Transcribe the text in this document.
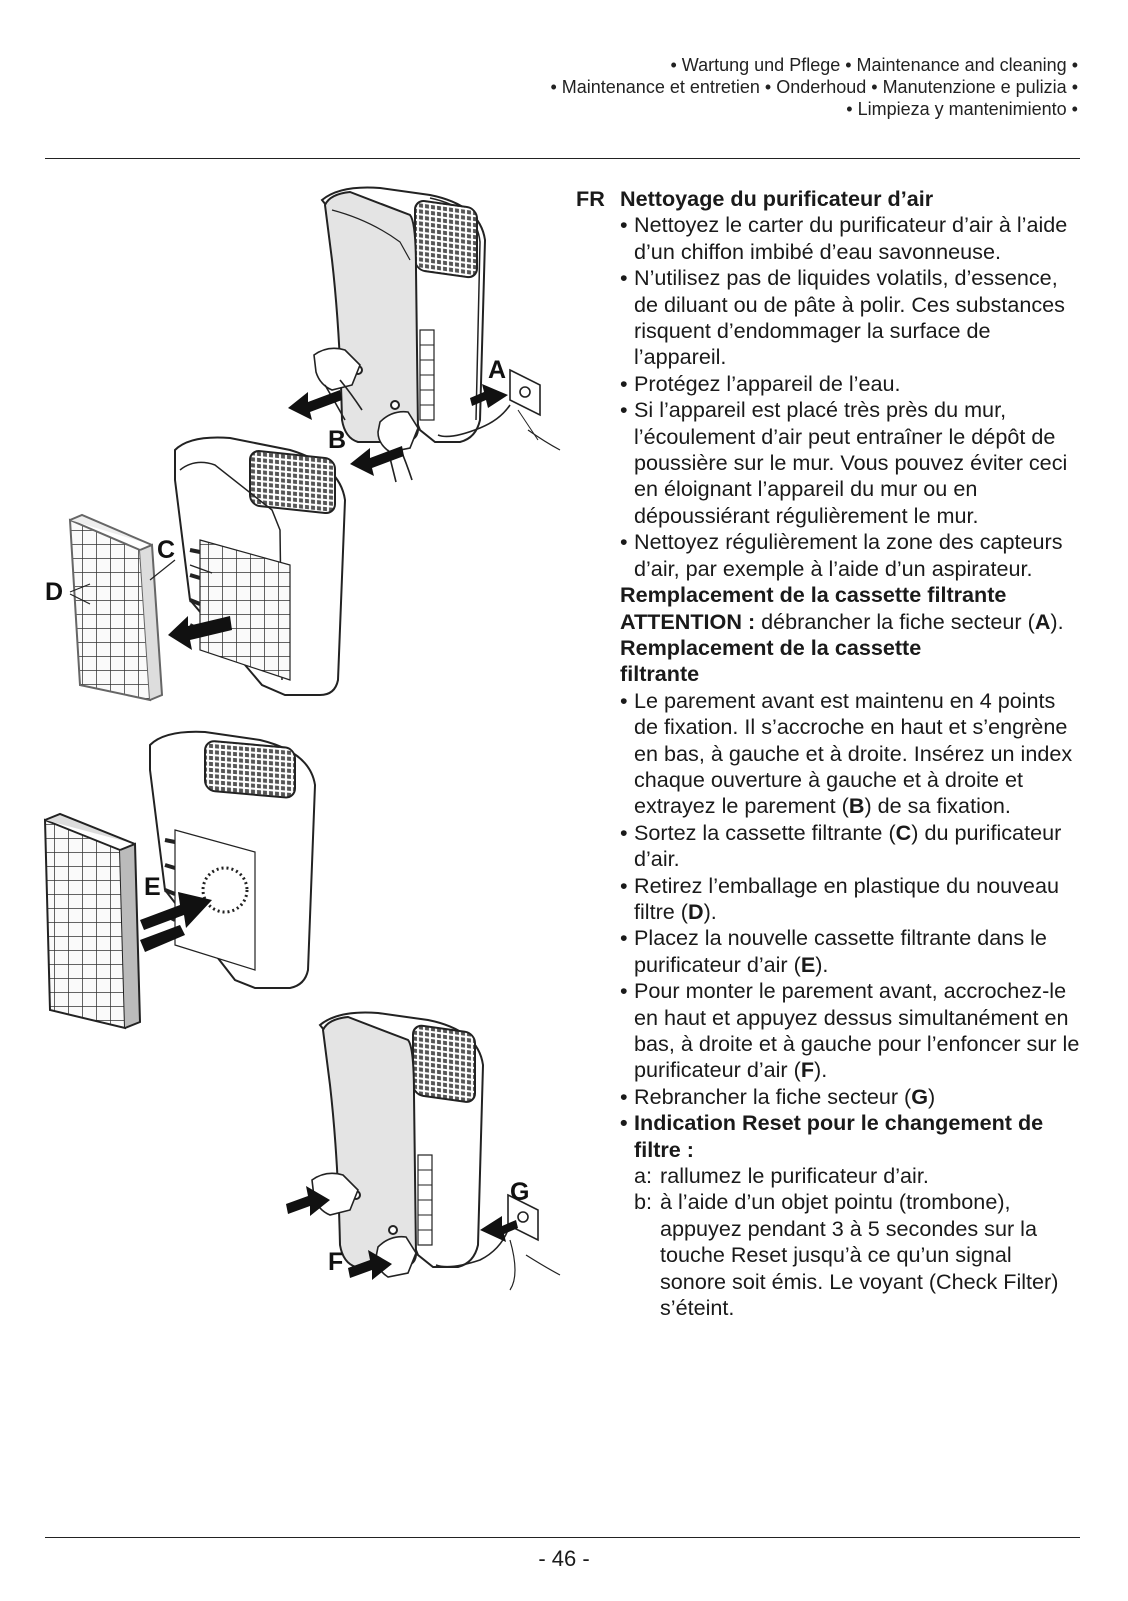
• Wartung und Pflege • Maintenance and cleaning •
• Maintenance et entretien • Onderhoud • Manutenzione e pulizia •
• Limpieza y mantenimiento •
A
B
C
D
E
G
F
FR Nettoyage du purificateur d’air
• Nettoyez le carter du purificateur d’air à l’aide d’un chiffon imbibé d’eau savonneuse.
• N’utilisez pas de liquides volatils, d’essence, de diluant ou de pâte à polir. Ces substances risquent d’endommager la surface de l’appareil.
• Protégez l’appareil de l’eau.
• Si l’appareil est placé très près du mur, l’écoulement d’air peut entraîner le dépôt de poussière sur le mur. Vous pouvez éviter ceci en éloignant l’appareil du mur ou en dépoussiérant régulièrement le mur.
• Nettoyez régulièrement la zone des capteurs d’air, par exemple à l’aide d’un aspirateur.
Remplacement de la cassette filtrante
ATTENTION : débrancher la fiche secteur (A).
Remplacement de la cassette filtrante
• Le parement avant est maintenu en 4 points de fixation. Il s’accroche en haut et s’engrène en bas, à gauche et à droite. Insérez un index chaque ouverture à gauche et à droite et extrayez le parement (B) de sa fixation.
• Sortez la cassette filtrante (C) du purificateur d’air.
• Retirez l’emballage en plastique du nouveau filtre (D).
• Placez la nouvelle cassette filtrante dans le purificateur d’air (E).
• Pour monter le parement avant, accrochez-le en haut et appuyez dessus simultanément en bas, à droite et à gauche pour l’enfoncer sur le purificateur d’air (F).
• Rebrancher la fiche secteur (G)
• Indication Reset pour le changement de filtre :
a: rallumez le purificateur d’air.
b: à l’aide d’un objet pointu (trombone), appuyez pendant 3 à 5 secondes sur la touche Reset jusqu’à ce qu’un signal sonore soit émis. Le voyant (Check Filter) s’éteint.
- 46 -
